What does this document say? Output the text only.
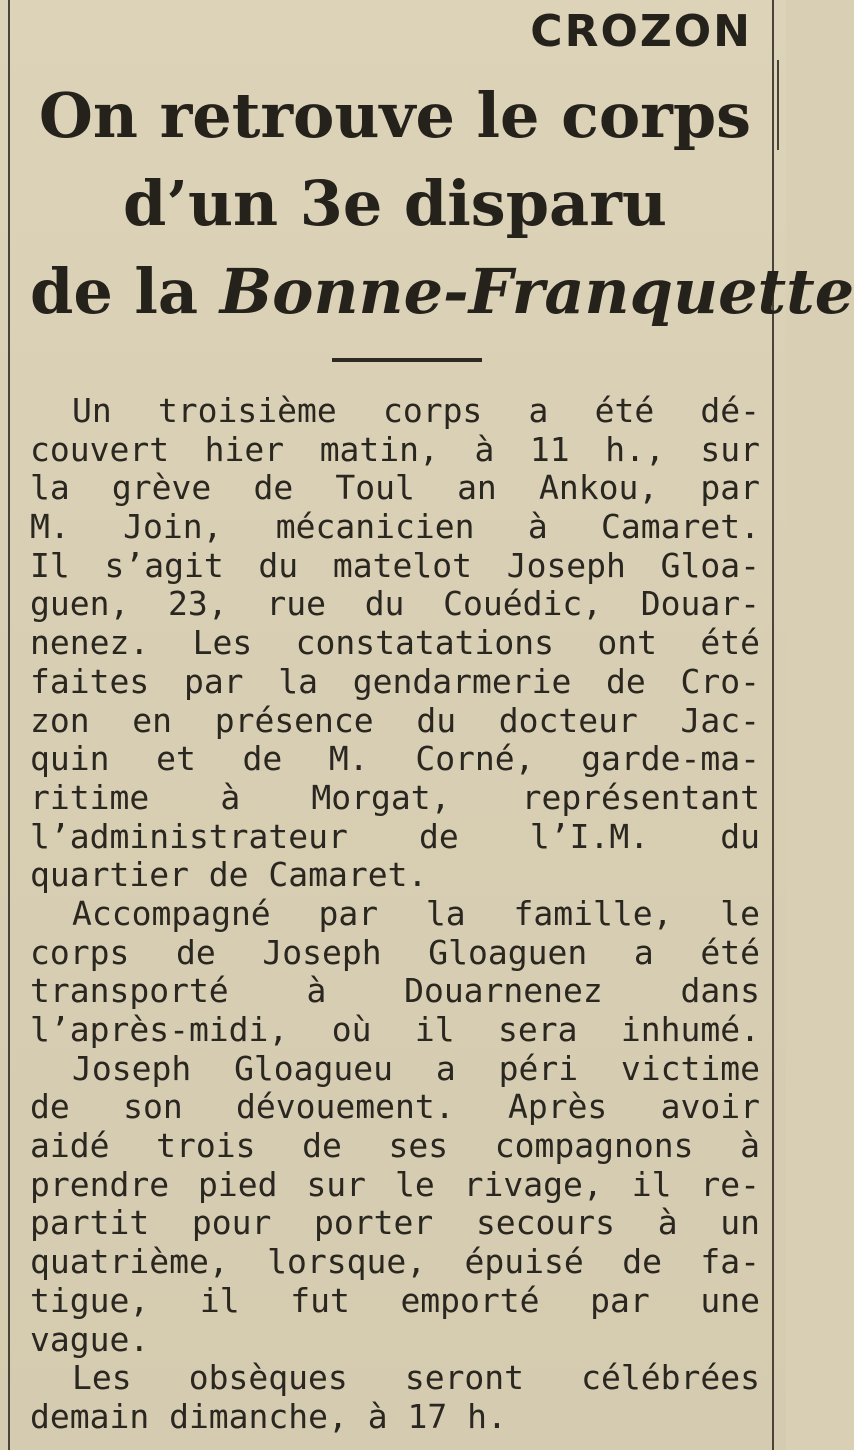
CROZON
On retrouve le corps
d’un 3e disparu
de la Bonne-Franquette
Un troisième corps a été dé-
couvert hier matin, à 11 h., sur
la grève de Toul an Ankou, par
M. Join, mécanicien à Camaret.
Il s’agit du matelot Joseph Gloa-
guen, 23, rue du Couédic, Douar-
nenez. Les constatations ont été
faites par la gendarmerie de Cro-
zon en présence du docteur Jac-
quin et de M. Corné, garde-ma-
ritime à Morgat, représentant
l’administrateur de l’I.M. du
quartier de Camaret.
Accompagné par la famille, le
corps de Joseph Gloaguen a été
transporté à Douarnenez dans
l’après-midi, où il sera inhumé.
Joseph Gloagueu a péri victime
de son dévouement. Après avoir
aidé trois de ses compagnons à
prendre pied sur le rivage, il re-
partit pour porter secours à un
quatrième, lorsque, épuisé de fa-
tigue, il fut emporté par une
vague.
Les obsèques seront célébrées
demain dimanche, à 17 h.
